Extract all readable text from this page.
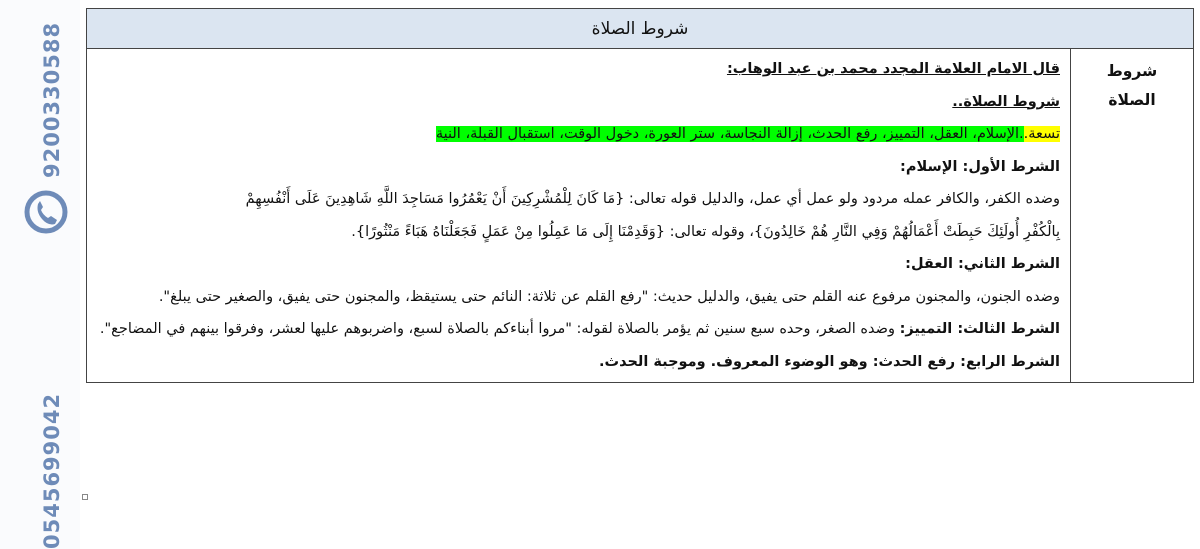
9200330588
0545699042
شروط الصلاة

شروط
الصلاة

قال الامام العلامة المجدد محمد بن عبد الوهاب:

شروط الصلاة..

تسعة..الإسلام، العقل، التمييز، رفع الحدث، إزالة النجاسة، ستر العورة، دخول الوقت، استقبال القبلة، النية

الشرط الأول: الإسلام:

وضده الكفر، والكافر عمله مردود ولو عمل أي عمل، والدليل قوله تعالى: {مَا كَانَ لِلْمُشْرِكِينَ أَنْ يَعْمُرُوا مَسَاجِدَ اللَّهِ شَاهِدِينَ عَلَى أَنْفُسِهِمْ

بِالْكُفْرِ أُولَئِكَ حَبِطَتْ أَعْمَالُهُمْ وَفِي النَّارِ هُمْ خَالِدُونَ}، وقوله تعالى: {وَقَدِمْنَا إِلَى مَا عَمِلُوا مِنْ عَمَلٍ فَجَعَلْنَاهُ هَبَاءً مَنْثُورًا}.

الشرط الثاني: العقل:

وضده الجنون، والمجنون مرفوع عنه القلم حتى يفيق، والدليل حديث: "رفع القلم عن ثلاثة: النائم حتى يستيقظ، والمجنون حتى يفيق، والصغير حتى يبلغ".

الشرط الثالث: التمييز: وضده الصغر، وحده سبع سنين ثم يؤمر بالصلاة لقوله: "مروا أبناءكم بالصلاة لسبع، واضربوهم عليها لعشر، وفرقوا بينهم في المضاجع".

الشرط الرابع: رفع الحدث: وهو الوضوء المعروف. وموجبة الحدث.
